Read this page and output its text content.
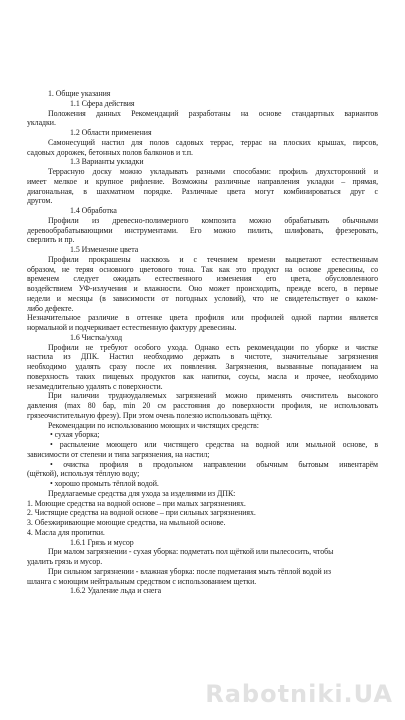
1. Общие указания
1.1 Сфера действия
Положения данных Рекомендаций разработаны на основе стандартных вариантов
укладки.
1.2 Области применения
Самонесущий настил для полов садовых террас, террас на плоских крышах, пирсов,
садовых дорожек, бетонных полов балконов и т.п.
1.3 Варианты укладки
Террасную доску можно укладывать разными способами: профиль двухсторонний и
имеет мелкое и крупное рифление. Возможны различные направления укладки – прямая,
диагональная, в шахматном порядке. Различные цвета могут комбинироваться друг с
другом.
1.4 Обработка
Профили из древесно-полимерного композита можно обрабатывать обычными
деревообрабатывающими инструментами. Его можно пилить, шлифовать, фрезеровать,
сверлить и пр.
1.5 Изменение цвета
Профили прокрашены насквозь и с течением времени выцветают естественным
образом, не теряя основного цветового тона. Так как это продукт на основе древесины, со
временем следует ожидать естественного изменения его цвета, обусловленного
воздействием УФ-излучения и влажности. Оно может происходить, прежде всего, в первые
недели и месяцы (в зависимости от погодных условий), что не свидетельствует о каком-
либо дефекте.
Незначительное различие в оттенке цвета профиля или профилей одной партии является
нормальной и подчеркивает естественную фактуру древесины.
1.6 Чистка/уход
Профили не требуют особого ухода. Однако есть рекомендации по уборке и чистке
настила из ДПК. Настил необходимо держать в чистоте, значительные загрязнения
необходимо удалять сразу после их появления. Загрязнения, вызванные попаданием на
поверхность таких пищевых продуктов как напитки, соусы, масла и прочее, необходимо
незамедлительно удалять с поверхности.
При наличии трудноудаляемых загрязнений можно применять очиститель высокого
давления (max 80 бар, min 20 см расстояния до поверхности профиля, не использовать
грязеочистительную фрезу). При этом очень полезно использовать щётку.
Рекомендации по использованию моющих и чистящих средств:
• сухая уборка;
• распыление моющего или чистящего средства на водной или мыльной основе, в
зависимости от степени и типа загрязнения, на настил;
• очистка профиля в продольном направлении обычным бытовым инвентарём
(щёткой), используя тёплую воду;
• хорошо промыть тёплой водой.
Предлагаемые средства для ухода за изделиями из ДПК:
1. Моющие средства на водной основе – при малых загрязнениях.
2. Чистящие средства на водной основе – при сильных загрязнениях.
3. Обезжиривающие моющие средства, на мыльной основе.
4. Масла для пропитки.
1.6.1 Грязь и мусор
При малом загрязнении - сухая уборка: подметать пол щёткой или пылесосить, чтобы
удалить грязь и мусор.
При сильном загрязнении - влажная уборка: после подметания мыть тёплой водой из
шланга с моющим нейтральным средством с использованием щетки.
1.6.2 Удаление льда и снега
Rabotniki.UA
